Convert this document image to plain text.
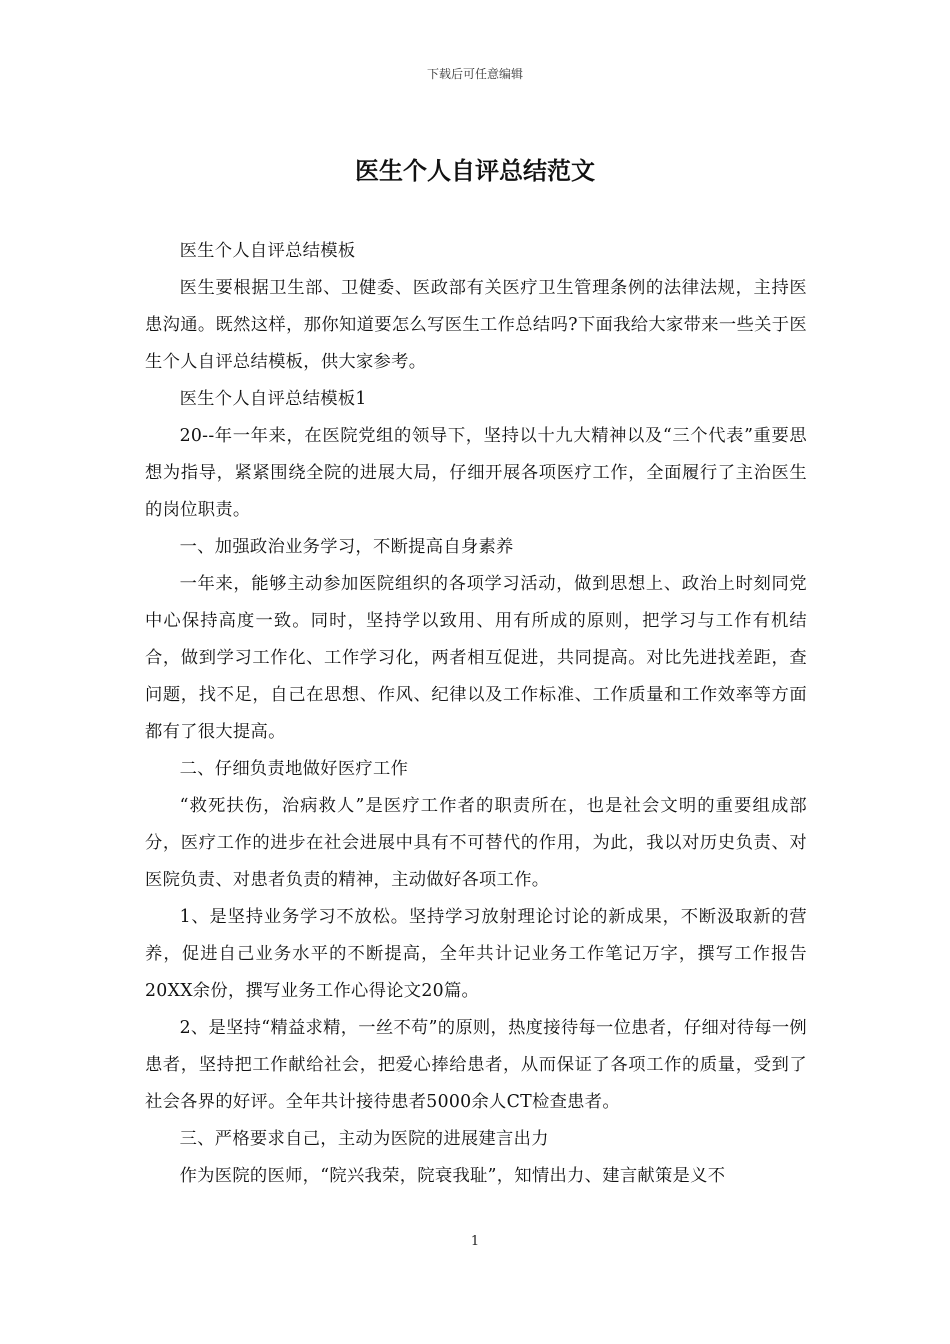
下载后可任意编辑
医生个人自评总结范文

医生个人自评总结模板

医生要根据卫生部、卫健委、医政部有关医疗卫生管理条例的法律法规，主持医患沟通。既然这样，那你知道要怎么写医生工作总结吗?下面我给大家带来一些关于医生个人自评总结模板，供大家参考。

医生个人自评总结模板1

20--年一年来，在医院党组的领导下，坚持以十九大精神以及“三个代表”重要思想为指导，紧紧围绕全院的进展大局，仔细开展各项医疗工作，全面履行了主治医生的岗位职责。

一、加强政治业务学习，不断提高自身素养

一年来，能够主动参加医院组织的各项学习活动，做到思想上、政治上时刻同党中心保持高度一致。同时，坚持学以致用、用有所成的原则，把学习与工作有机结合，做到学习工作化、工作学习化，两者相互促进，共同提高。对比先进找差距，查问题，找不足，自己在思想、作风、纪律以及工作标准、工作质量和工作效率等方面都有了很大提高。

二、仔细负责地做好医疗工作

“救死扶伤，治病救人”是医疗工作者的职责所在，也是社会文明的重要组成部分，医疗工作的进步在社会进展中具有不可替代的作用，为此，我以对历史负责、对医院负责、对患者负责的精神，主动做好各项工作。

1、是坚持业务学习不放松。坚持学习放射理论讨论的新成果，不断汲取新的营养，促进自己业务水平的不断提高，全年共计记业务工作笔记万字，撰写工作报告20XX余份，撰写业务工作心得论文20篇。

2、是坚持“精益求精，一丝不苟”的原则，热度接待每一位患者，仔细对待每一例患者，坚持把工作献给社会，把爱心捧给患者，从而保证了各项工作的质量，受到了社会各界的好评。全年共计接待患者5000余人CT检查患者。

三、严格要求自己，主动为医院的进展建言出力

作为医院的医师，“院兴我荣，院衰我耻”，知情出力、建言献策是义不

1
